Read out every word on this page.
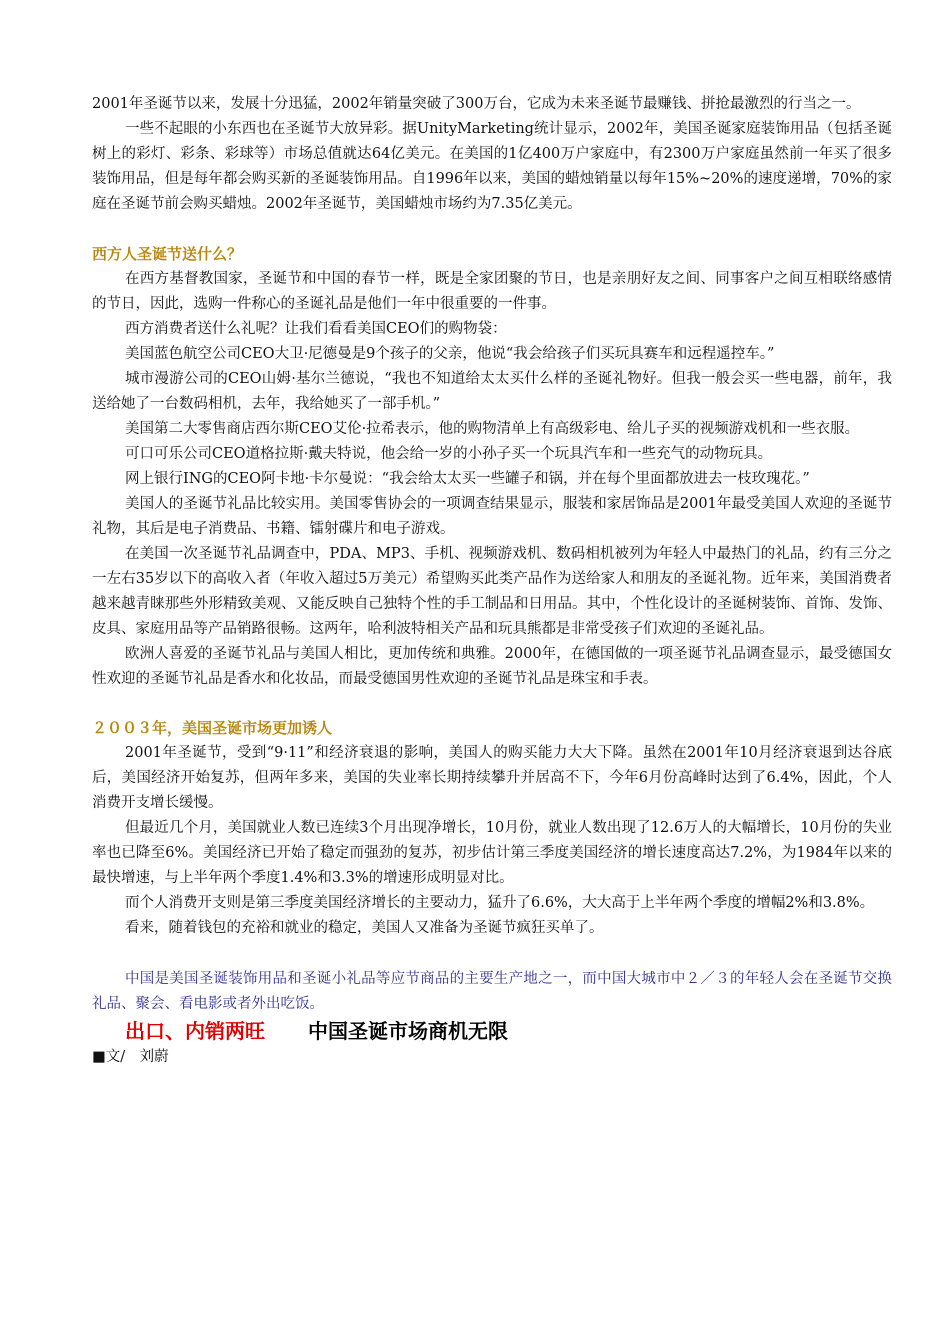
2001年圣诞节以来，发展十分迅猛，2002年销量突破了300万台，它成为未来圣诞节最赚钱、拼抢最激烈的行当之一。

一些不起眼的小东西也在圣诞节大放异彩。据UnityMarketing统计显示，2002年，美国圣诞家庭装饰用品（包括圣诞树上的彩灯、彩条、彩球等）市场总值就达64亿美元。在美国的1亿400万户家庭中，有2300万户家庭虽然前一年买了很多装饰用品，但是每年都会购买新的圣诞装饰用品。自1996年以来，美国的蜡烛销量以每年15%~20%的速度递增，70%的家庭在圣诞节前会购买蜡烛。2002年圣诞节，美国蜡烛市场约为7.35亿美元。

西方人圣诞节送什么？

在西方基督教国家，圣诞节和中国的春节一样，既是全家团聚的节日，也是亲朋好友之间、同事客户之间互相联络感情的节日，因此，选购一件称心的圣诞礼品是他们一年中很重要的一件事。

西方消费者送什么礼呢？让我们看看美国CEO们的购物袋：

美国蓝色航空公司CEO大卫·尼德曼是9个孩子的父亲，他说“我会给孩子们买玩具赛车和远程遥控车。”

城市漫游公司的CEO山姆·基尔兰德说，“我也不知道给太太买什么样的圣诞礼物好。但我一般会买一些电器，前年，我送给她了一台数码相机，去年，我给她买了一部手机。”

美国第二大零售商店西尔斯CEO艾伦·拉希表示，他的购物清单上有高级彩电、给儿子买的视频游戏机和一些衣服。

可口可乐公司CEO道格拉斯·戴夫特说，他会给一岁的小孙子买一个玩具汽车和一些充气的动物玩具。

网上银行ING的CEO阿卡地·卡尔曼说：“我会给太太买一些罐子和锅，并在每个里面都放进去一枝玫瑰花。”

美国人的圣诞节礼品比较实用。美国零售协会的一项调查结果显示，服装和家居饰品是2001年最受美国人欢迎的圣诞节礼物，其后是电子消费品、书籍、镭射碟片和电子游戏。

在美国一次圣诞节礼品调查中，PDA、MP3、手机、视频游戏机、数码相机被列为年轻人中最热门的礼品，约有三分之一左右35岁以下的高收入者（年收入超过5万美元）希望购买此类产品作为送给家人和朋友的圣诞礼物。近年来，美国消费者越来越青睐那些外形精致美观、又能反映自己独特个性的手工制品和日用品。其中，个性化设计的圣诞树装饰、首饰、发饰、皮具、家庭用品等产品销路很畅。这两年，哈利波特相关产品和玩具熊都是非常受孩子们欢迎的圣诞礼品。

欧洲人喜爱的圣诞节礼品与美国人相比，更加传统和典雅。2000年，在德国做的一项圣诞节礼品调查显示，最受德国女性欢迎的圣诞节礼品是香水和化妆品，而最受德国男性欢迎的圣诞节礼品是珠宝和手表。

２００３年，美国圣诞市场更加诱人

2001年圣诞节，受到“9·11”和经济衰退的影响，美国人的购买能力大大下降。虽然在2001年10月经济衰退到达谷底后，美国经济开始复苏，但两年多来，美国的失业率长期持续攀升并居高不下，今年6月份高峰时达到了6.4%，因此，个人消费开支增长缓慢。

但最近几个月，美国就业人数已连续3个月出现净增长，10月份，就业人数出现了12.6万人的大幅增长，10月份的失业率也已降至6%。美国经济已开始了稳定而强劲的复苏，初步估计第三季度美国经济的增长速度高达7.2%，为1984年以来的最快增速，与上半年两个季度1.4%和3.3%的增速形成明显对比。

而个人消费开支则是第三季度美国经济增长的主要动力，猛升了6.6%，大大高于上半年两个季度的增幅2%和3.8%。

看来，随着钱包的充裕和就业的稳定，美国人又准备为圣诞节疯狂买单了。

中国是美国圣诞装饰用品和圣诞小礼品等应节商品的主要生产地之一，而中国大城市中２／３的年轻人会在圣诞节交换礼品、聚会、看电影或者外出吃饭。

出口、内销两旺 中国圣诞市场商机无限
■文/　刘蔚
